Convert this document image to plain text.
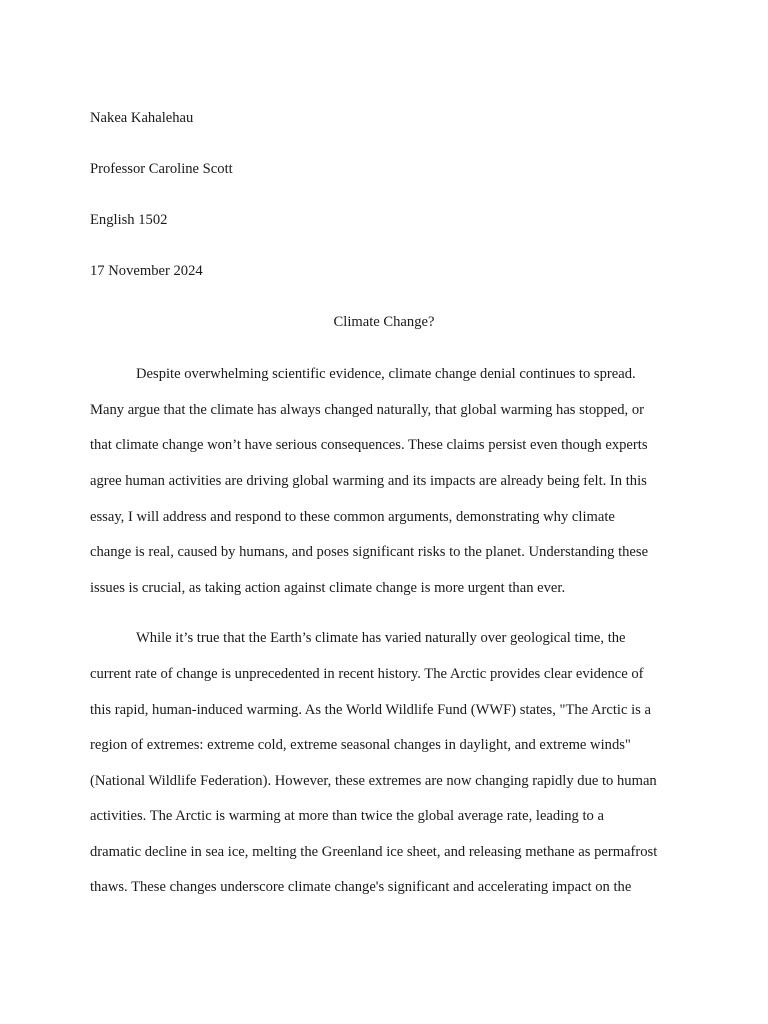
Nakea Kahalehau

Professor Caroline Scott

English 1502

17 November 2024

Climate Change?

Despite overwhelming scientific evidence, climate change denial continues to spread.

Many argue that the climate has always changed naturally, that global warming has stopped, or

that climate change won’t have serious consequences. These claims persist even though experts

agree human activities are driving global warming and its impacts are already being felt. In this

essay, I will address and respond to these common arguments, demonstrating why climate

change is real, caused by humans, and poses significant risks to the planet. Understanding these

issues is crucial, as taking action against climate change is more urgent than ever.

While it’s true that the Earth’s climate has varied naturally over geological time, the

current rate of change is unprecedented in recent history. The Arctic provides clear evidence of

this rapid, human-induced warming. As the World Wildlife Fund (WWF) states, "The Arctic is a

region of extremes: extreme cold, extreme seasonal changes in daylight, and extreme winds"

(National Wildlife Federation). However, these extremes are now changing rapidly due to human

activities. The Arctic is warming at more than twice the global average rate, leading to a

dramatic decline in sea ice, melting the Greenland ice sheet, and releasing methane as permafrost

thaws. These changes underscore climate change's significant and accelerating impact on the
